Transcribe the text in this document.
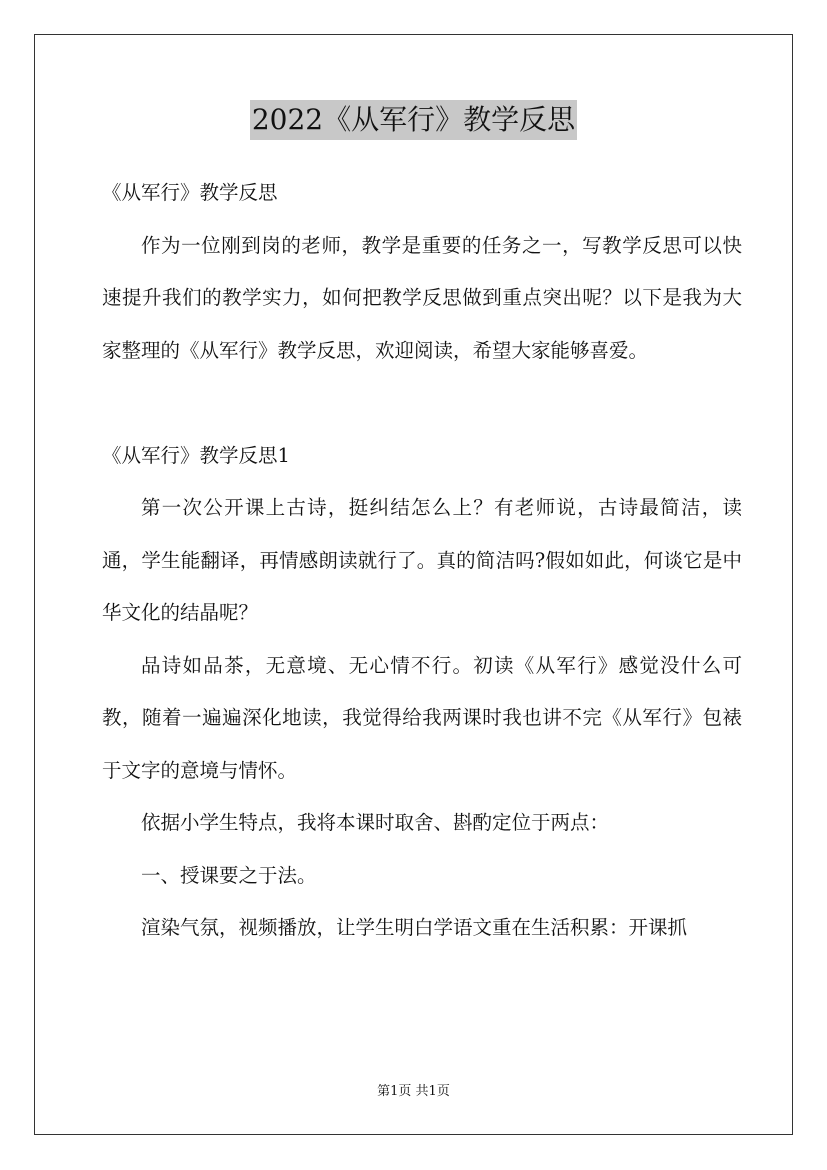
2022《从军行》教学反思

《从军行》教学反思

作为一位刚到岗的老师，教学是重要的任务之一，写教学反思可以快速提升我们的教学实力，如何把教学反思做到重点突出呢？以下是我为大家整理的《从军行》教学反思，欢迎阅读，希望大家能够喜爱。

《从军行》教学反思1

第一次公开课上古诗，挺纠结怎么上？有老师说，古诗最简洁，读通，学生能翻译，再情感朗读就行了。真的简洁吗?假如如此，何谈它是中华文化的结晶呢？

品诗如品茶，无意境、无心情不行。初读《从军行》感觉没什么可教，随着一遍遍深化地读，我觉得给我两课时我也讲不完《从军行》包裱于文字的意境与情怀。

依据小学生特点，我将本课时取舍、斟酌定位于两点：

一、授课要之于法。

渲染气氛，视频播放，让学生明白学语文重在生活积累：开课抓

第1页 共1页
